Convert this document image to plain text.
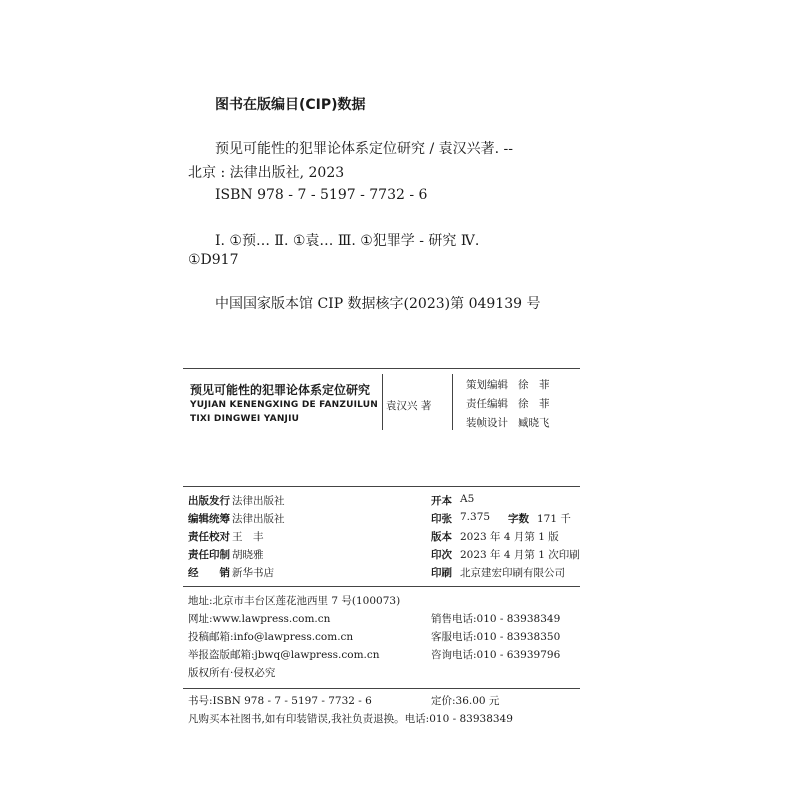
图书在版编目(CIP)数据
预见可能性的犯罪论体系定位研究 / 袁汉兴著. --
北京 : 法律出版社, 2023
ISBN 978 - 7 - 5197 - 7732 - 6
Ⅰ. ①预… Ⅱ. ①袁… Ⅲ. ①犯罪学 - 研究 Ⅳ.
①D917
中国国家版本馆 CIP 数据核字(2023)第 049139 号
预见可能性的犯罪论体系定位研究
YUJIAN KENENGXING DE FANZUILUN
TIXI DINGWEI YANJIU
袁汉兴 著
策划编辑 徐　菲
责任编辑 徐　菲
装帧设计 臧晓飞
出版发行 法律出版社
编辑统筹 法律出版社
责任校对 王　丰
责任印制 胡晓雅
经　　销 新华书店
开本 A5
印张 7.375 字数 171 千
版本 2023 年 4 月第 1 版
印次 2023 年 4 月第 1 次印刷
印刷 北京建宏印刷有限公司
地址:北京市丰台区莲花池西里 7 号(100073)
网址:www.lawpress.com.cn
投稿邮箱:info@lawpress.com.cn
举报盗版邮箱:jbwq@lawpress.com.cn
版权所有·侵权必究
销售电话:010 - 83938349
客服电话:010 - 83938350
咨询电话:010 - 63939796
书号:ISBN 978 - 7 - 5197 - 7732 - 6	定价:36.00 元
凡购买本社图书,如有印装错误,我社负责退换。电话:010 - 83938349
